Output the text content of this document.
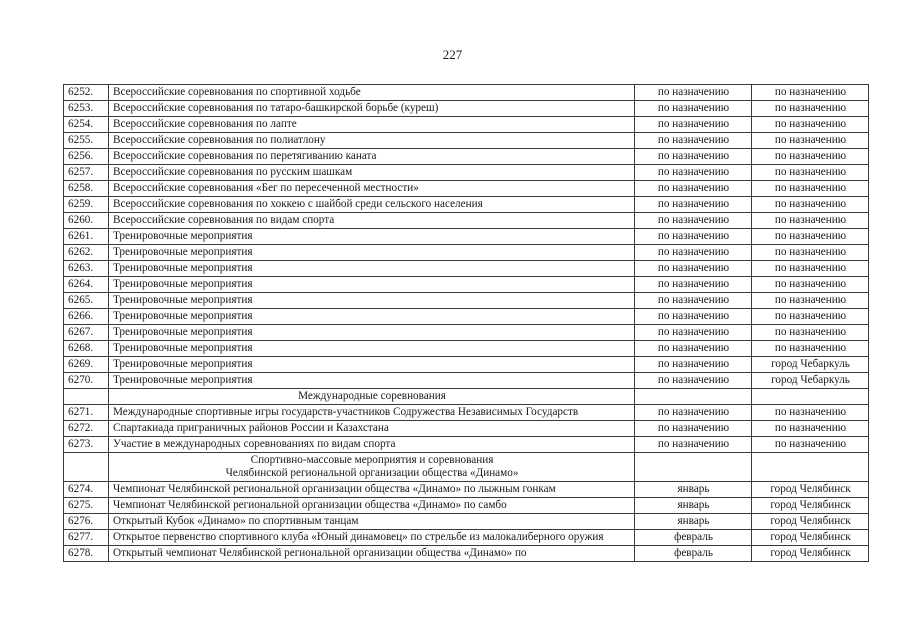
227
6252.	Всероссийские соревнования по спортивной ходьбе	по назначению	по назначению
6253.	Всероссийские соревнования по татаро-башкирской борьбе (куреш)	по назначению	по назначению
6254.	Всероссийские соревнования по лапте	по назначению	по назначению
6255.	Всероссийские соревнования по полиатлону	по назначению	по назначению
6256.	Всероссийские соревнования по перетягиванию каната	по назначению	по назначению
6257.	Всероссийские соревнования по русским шашкам	по назначению	по назначению
6258.	Всероссийские соревнования «Бег по пересеченной местности»	по назначению	по назначению
6259.	Всероссийские соревнования по хоккею с шайбой среди сельского населения	по назначению	по назначению
6260.	Всероссийские соревнования по видам спорта	по назначению	по назначению
6261.	Тренировочные мероприятия	по назначению	по назначению
6262.	Тренировочные мероприятия	по назначению	по назначению
6263.	Тренировочные мероприятия	по назначению	по назначению
6264.	Тренировочные мероприятия	по назначению	по назначению
6265.	Тренировочные мероприятия	по назначению	по назначению
6266.	Тренировочные мероприятия	по назначению	по назначению
6267.	Тренировочные мероприятия	по назначению	по назначению
6268.	Тренировочные мероприятия	по назначению	по назначению
6269.	Тренировочные мероприятия	по назначению	город Чебаркуль
6270.	Тренировочные мероприятия	по назначению	город Чебаркуль
	Международные соревнования		
6271.	Международные спортивные игры государств-участников Содружества Независимых Государств	по назначению	по назначению
6272.	Спартакиада приграничных районов России и Казахстана	по назначению	по назначению
6273.	Участие в международных соревнованиях по видам спорта	по назначению	по назначению

	Спортивно-массовые мероприятия и соревнования
Челябинской региональной организации общества «Динамо»		

6274.	Чемпионат Челябинской региональной организации общества «Динамо» по лыжным гонкам	январь	город Челябинск
6275.	Чемпионат Челябинской региональной организации общества «Динамо» по самбо	январь	город Челябинск
6276.	Открытый Кубок «Динамо» по спортивным танцам	январь	город Челябинск
6277.	Открытое первенство спортивного клуба «Юный динамовец» по стрельбе из малокалиберного оружия	февраль	город Челябинск
6278.	Открытый чемпионат Челябинской региональной организации общества «Динамо» по	февраль	город Челябинск
